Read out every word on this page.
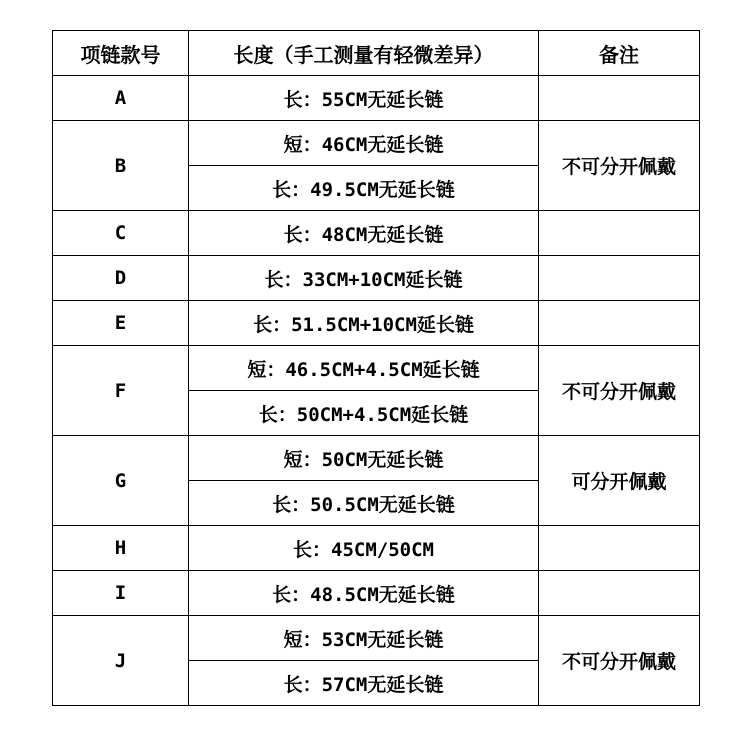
项链款号	长度（手工测量有轻微差异）	备注
A	长：55CM无延长链	
B	短：46CM无延长链	不可分开佩戴
	长：49.5CM无延长链	
C	长：48CM无延长链	
D	长：33CM+10CM延长链	
E	长：51.5CM+10CM延长链	
F	短：46.5CM+4.5CM延长链	不可分开佩戴
	长：50CM+4.5CM延长链	
G	短：50CM无延长链	可分开佩戴
	长：50.5CM无延长链	
H	长：45CM/50CM	
I	长：48.5CM无延长链	
J	短：53CM无延长链	不可分开佩戴
	长：57CM无延长链	
